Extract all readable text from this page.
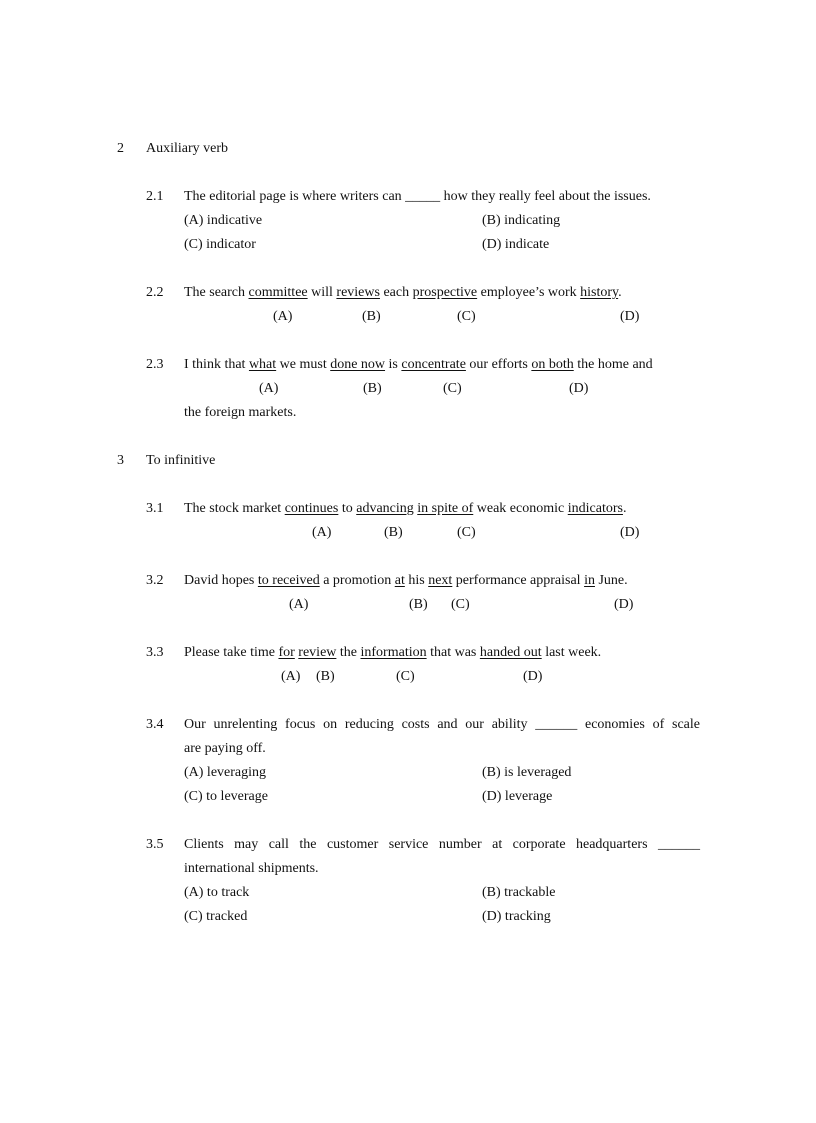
2 Auxiliary verb
2.1 The editorial page is where writers can _____ how they really feel about the issues.
(A) indicative	(B) indicating
(C) indicator	(D) indicate
2.2 The search committee will reviews each prospective employee’s work history.
(A)	(B)	(C)	(D)
2.3 I think that what we must done now is concentrate our efforts on both the home and
(A)	(B)	(C)	(D)
the foreign markets.
3 To infinitive
3.1 The stock market continues to advancing in spite of weak economic indicators.
(A)	(B)	(C)	(D)
3.2 David hopes to received a promotion at his next performance appraisal in June.
(A)	(B) (C)	(D)
3.3 Please take time for review the information that was handed out last week.
(A) (B)	(C)	(D)
3.4 Our unrelenting focus on reducing costs and our ability ______ economies of scale
are paying off.
(A) leveraging	(B) is leveraged
(C) to leverage	(D) leverage
3.5 Clients may call the customer service number at corporate headquarters ______
international shipments.
(A) to track	(B) trackable
(C) tracked	(D) tracking
